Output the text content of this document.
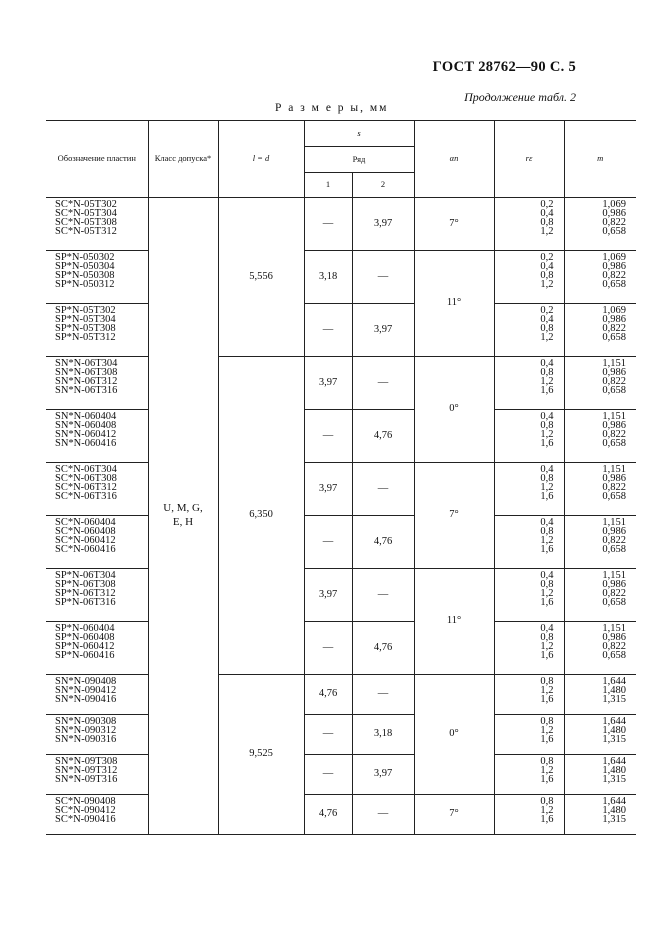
ГОСТ 28762—90 С. 5
Продолжение табл. 2
Р а з м е р ы, мм
Обозначение пластин	Класс допуска*	l = d	s		αn	rε	m
			Ряд				
			1	2			

SC*N-05T302
SC*N-05T304
SC*N-05T308
SC*N-05T312	U, M, G, E, H	5,556	—	3,97	7°	0,2
0,4
0,8
1,2	1,069
0,986
0,822
0,658

SP*N-050302
SP*N-050304
SP*N-050308
SP*N-050312			3,18	—	11°	0,2
0,4
0,8
1,2	1,069
0,986
0,822
0,658

SP*N-05T302
SP*N-05T304
SP*N-05T308
SP*N-05T312			—	3,97		0,2
0,4
0,8
1,2	1,069
0,986
0,822
0,658

SN*N-06T304
SN*N-06T308
SN*N-06T312
SN*N-06T316		6,350	3,97	—	0°	0,4
0,8
1,2
1,6	1,151
0,986
0,822
0,658

SN*N-060404
SN*N-060408
SN*N-060412
SN*N-060416			—	4,76		0,4
0,8
1,2
1,6	1,151
0,986
0,822
0,658

SC*N-06T304
SC*N-06T308
SC*N-06T312
SC*N-06T316			3,97	—	7°	0,4
0,8
1,2
1,6	1,151
0,986
0,822
0,658

SC*N-060404
SC*N-060408
SC*N-060412
SC*N-060416			—	4,76		0,4
0,8
1,2
1,6	1,151
0,986
0,822
0,658

SP*N-06T304
SP*N-06T308
SP*N-06T312
SP*N-06T316			3,97	—	11°	0,4
0,8
1,2
1,6	1,151
0,986
0,822
0,658

SP*N-060404
SP*N-060408
SP*N-060412
SP*N-060416			—	4,76		0,4
0,8
1,2
1,6	1,151
0,986
0,822
0,658

SN*N-090408
SN*N-090412
SN*N-090416		9,525	4,76	—	0°	0,8
1,2
1,6	1,644
1,480
1,315

SN*N-090308
SN*N-090312
SN*N-090316			—	3,18		0,8
1,2
1,6	1,644
1,480
1,315

SN*N-09T308
SN*N-09T312
SN*N-09T316			—	3,97		0,8
1,2
1,6	1,644
1,480
1,315

SC*N-090408
SC*N-090412
SC*N-090416			4,76	—	7°	0,8
1,2
1,6	1,644
1,480
1,315
